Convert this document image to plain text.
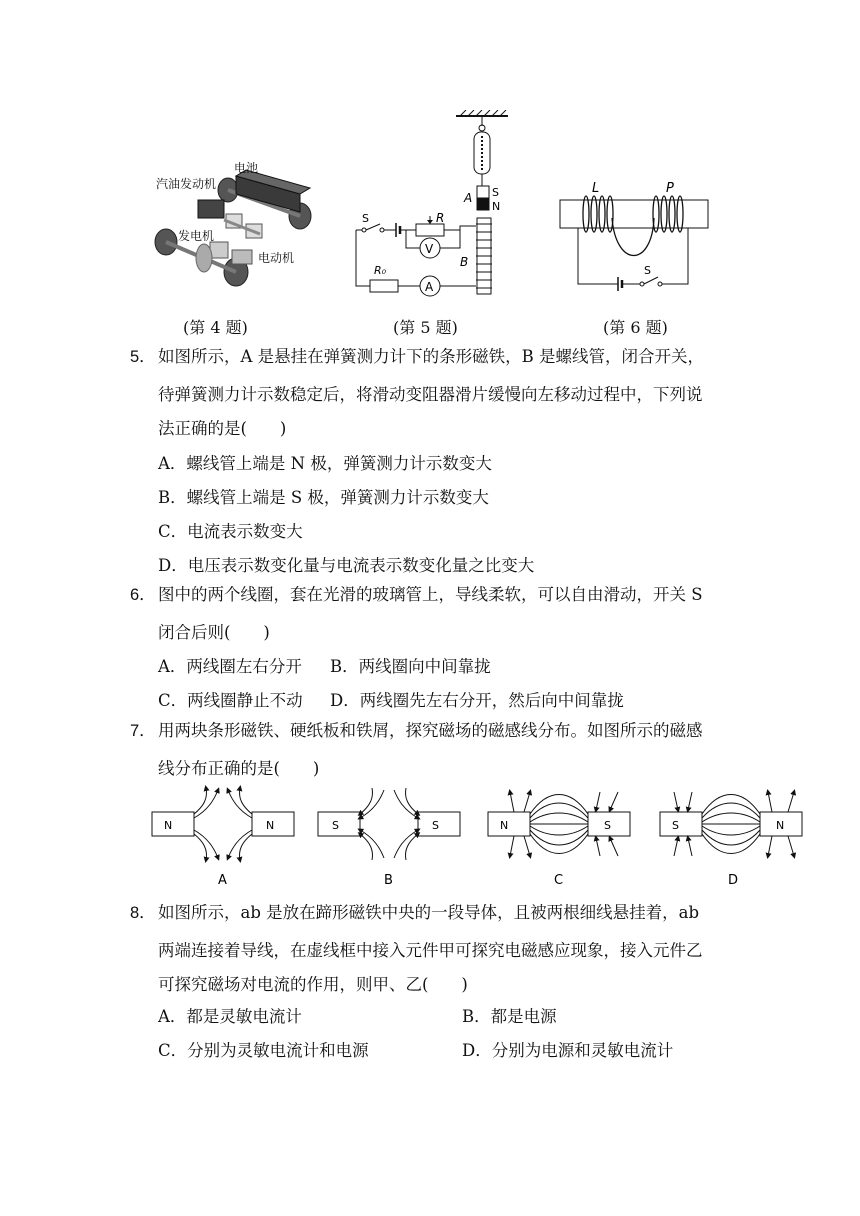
电池
汽油发动机
发电机
电动机
(第 4 题)
A S
N
B
S	R
V
R₀
A
(第 5 题)
L	P
S
(第 6 题)
5． 如图所示，A 是悬挂在弹簧测力计下的条形磁铁，B 是螺线管，闭合开关，
待弹簧测力计示数稳定后，将滑动变阻器滑片缓慢向左移动过程中，下列说
法正确的是(　　)
A．螺线管上端是 N 极，弹簧测力计示数变大
B．螺线管上端是 S 极，弹簧测力计示数变大
C．电流表示数变大
D．电压表示数变化量与电流表示数变化量之比变大
6． 图中的两个线圈，套在光滑的玻璃管上，导线柔软，可以自由滑动，开关 S
闭合后则(　　)
A．两线圈左右分开 B．两线圈向中间靠拢
C．两线圈静止不动 D．两线圈先左右分开，然后向中间靠拢
7． 用两块条形磁铁、硬纸板和铁屑，探究磁场的磁感线分布。如图所示的磁感
线分布正确的是(　　)
N	N
A
S	S
B
N	S
C
S	N
D
8． 如图所示，ab 是放在蹄形磁铁中央的一段导体，且被两根细线悬挂着，ab
两端连接着导线，在虚线框中接入元件甲可探究电磁感应现象，接入元件乙
可探究磁场对电流的作用，则甲、乙(　　)
A．都是灵敏电流计	B．都是电源
C．分别为灵敏电流计和电源	D．分别为电源和灵敏电流计
